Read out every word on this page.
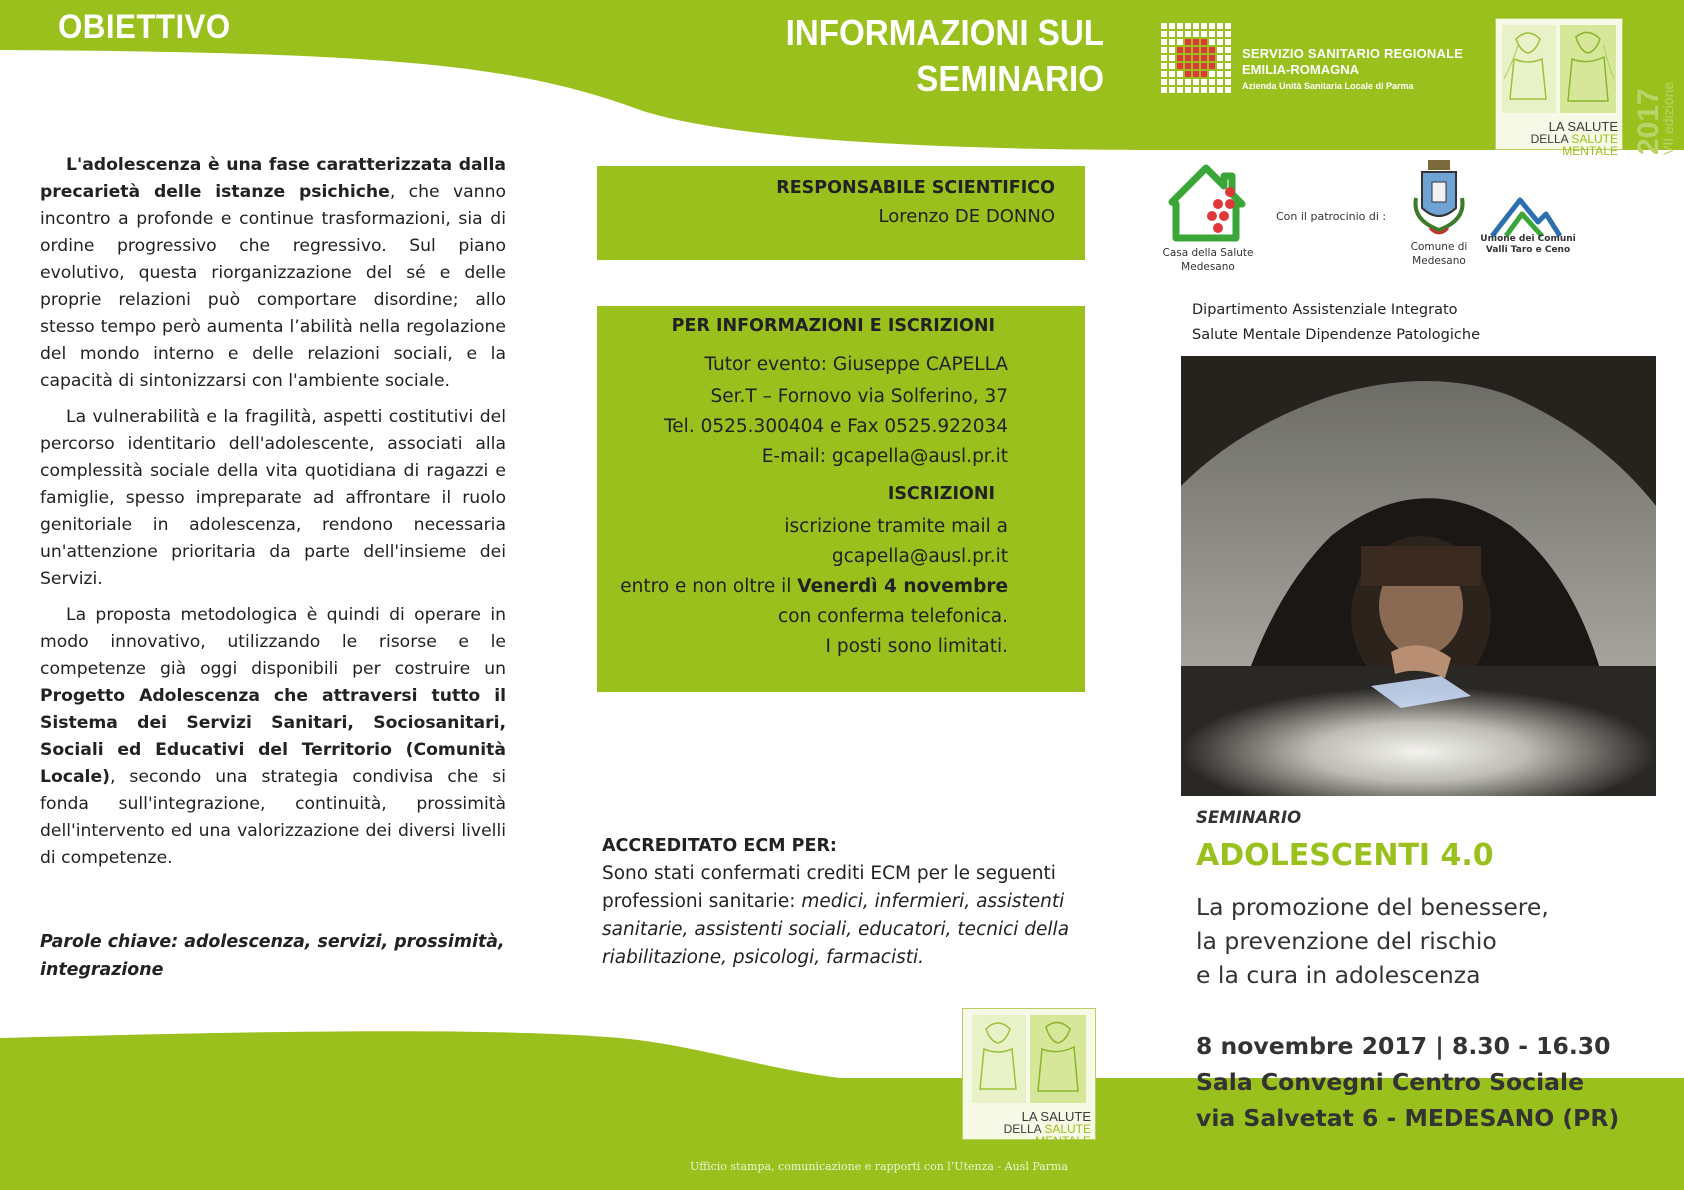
OBIETTIVO	INFORMAZIONI SUL
SEMINARIO
SERVIZIO SANITARIO REGIONALE
EMILIA-ROMAGNA
Azienda Unità Sanitaria Locale di Parma
LA SALUTE
DELLA SALUTE MENTALE 2017
VII edizione

L'adolescenza è una fase caratterizzata dalla precarietà delle istanze psichiche, che vanno incontro a profonde e continue trasformazioni, sia di ordine progressivo che regressivo. Sul piano evolutivo, questa riorganizzazione del sé e delle proprie relazioni può comportare disordine; allo stesso tempo però aumenta l’abilità nella regolazione del mondo interno e delle relazioni sociali, e la capacità di sintonizzarsi con l'ambiente sociale.

La vulnerabilità e la fragilità, aspetti costitutivi del percorso identitario dell'adolescente, associati alla complessità sociale della vita quotidiana di ragazzi e famiglie, spesso impreparate ad affrontare il ruolo genitoriale in adolescenza, rendono necessaria un'attenzione prioritaria da parte dell'insieme dei Servizi.

La proposta metodologica è quindi di operare in modo innovativo, utilizzando le risorse e le competenze già oggi disponibili per costruire un Progetto Adolescenza che attraversi tutto il Sistema dei Servizi Sanitari, Sociosanitari, Sociali ed Educativi del Territorio (Comunità Locale), secondo una strategia condivisa che si fonda sull'integrazione, continuità, prossimità dell'intervento ed una valorizzazione dei diversi livelli di competenze.

Parole chiave: adolescenza, servizi, prossimità, integrazione
RESPONSABILE SCIENTIFICO
Lorenzo DE DONNO
PER INFORMAZIONI E ISCRIZIONI
Tutor evento: Giuseppe CAPELLA
Ser.T – Fornovo via Solferino, 37
Tel. 0525.300404 e Fax 0525.922034
E-mail: gcapella@ausl.pr.it
ISCRIZIONI
iscrizione tramite mail a
gcapella@ausl.pr.it
entro e non oltre il Venerdì 4 novembre
con conferma telefonica.
I posti sono limitati.
ACCREDITATO ECM PER:
Sono stati confermati crediti ECM per le seguenti professioni sanitarie: medici, infermieri, assistenti sanitarie, assistenti sociali, educatori, tecnici della riabilitazione, psicologi, farmacisti.
Ufficio stampa, comunicazione e rapporti con l’Utenza - Ausl Parma
LA SALUTE
DELLA SALUTE MENTALE
Casa della Salute Medesano
Con il patrocinio di :
Comune di Medesano
Unione dei Comuni
Valli Taro e Ceno
Dipartimento Assistenziale Integrato
Salute Mentale Dipendenze Patologiche
SEMINARIO
ADOLESCENTI 4.0
La promozione del benessere,
la prevenzione del rischio
e la cura in adolescenza
8 novembre 2017 | 8.30 - 16.30
Sala Convegni Centro Sociale
via Salvetat 6 - MEDESANO (PR)
